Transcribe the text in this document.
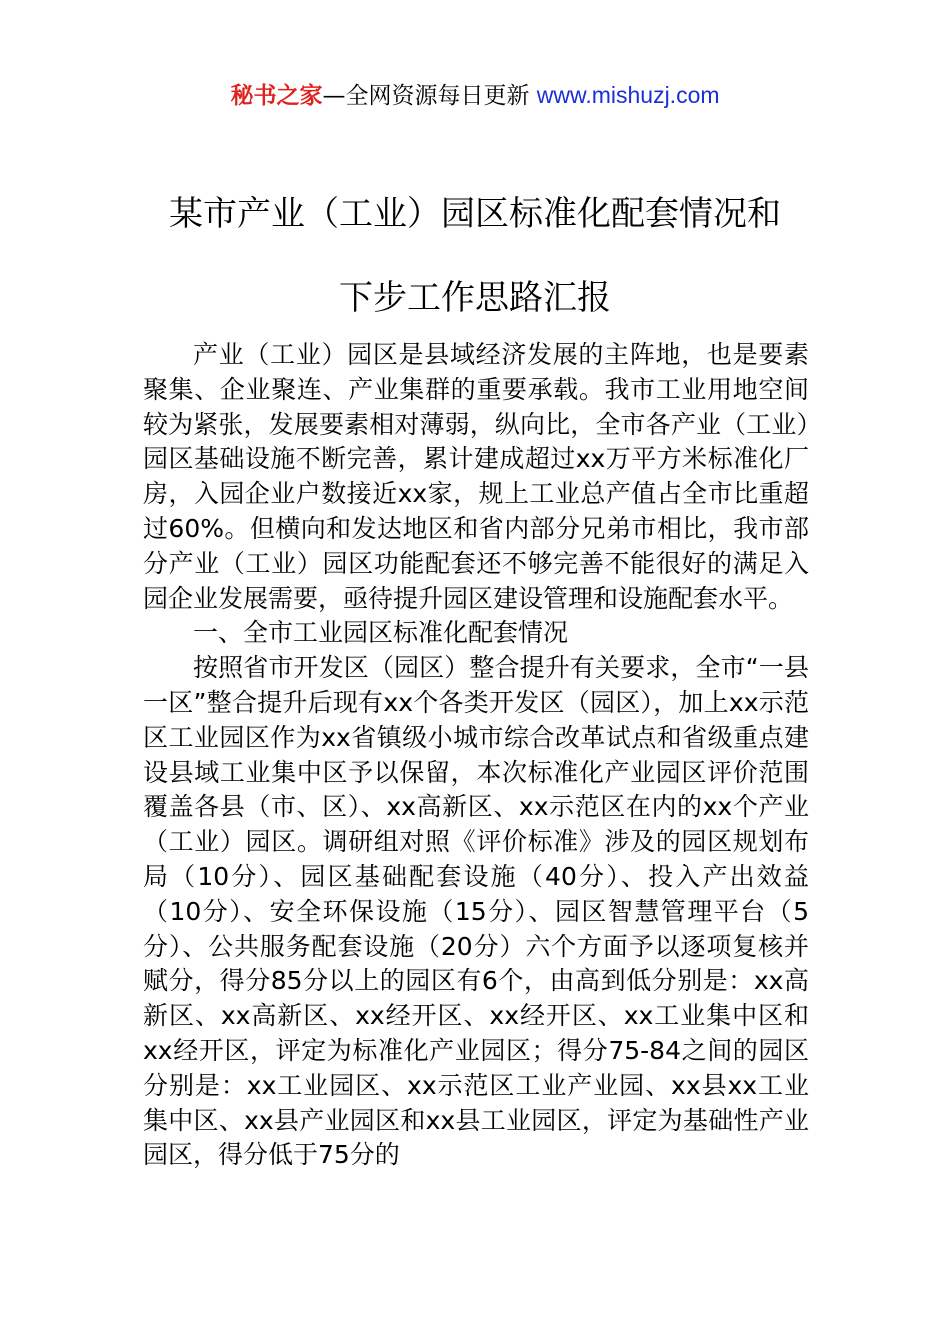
秘书之家—全网资源每日更新 www.mishuzj.com
某市产业（工业）园区标准化配套情况和
下步工作思路汇报

产业（工业）园区是县域经济发展的主阵地，也是要素聚集、企业聚连、产业集群的重要承载。我市工业用地空间较为紧张，发展要素相对薄弱，纵向比，全市各产业（工业）园区基础设施不断完善，累计建成超过xx万平方米标准化厂房，入园企业户数接近xx家，规上工业总产值占全市比重超过60%。但横向和发达地区和省内部分兄弟市相比，我市部分产业（工业）园区功能配套还不够完善不能很好的满足入园企业发展需要，亟待提升园区建设管理和设施配套水平。

一、全市工业园区标准化配套情况

按照省市开发区（园区）整合提升有关要求，全市“一县一区”整合提升后现有xx个各类开发区（园区），加上xx示范区工业园区作为xx省镇级小城市综合改革试点和省级重点建设县域工业集中区予以保留，本次标准化产业园区评价范围覆盖各县（市、区）、xx高新区、xx示范区在内的xx个产业（工业）园区。调研组对照《评价标准》涉及的园区规划布局（10分）、园区基础配套设施（40分）、投入产出效益（10分）、安全环保设施（15分）、园区智慧管理平台（5分）、公共服务配套设施（20分）六个方面予以逐项复核并赋分，得分85分以上的园区有6个，由高到低分别是：xx高新区、xx高新区、xx经开区、xx经开区、xx工业集中区和xx经开区，评定为标准化产业园区；得分75-84之间的园区分别是：xx工业园区、xx示范区工业产业园、xx县xx工业集中区、xx县产业园区和xx县工业园区，评定为基础性产业园区，得分低于75分的
